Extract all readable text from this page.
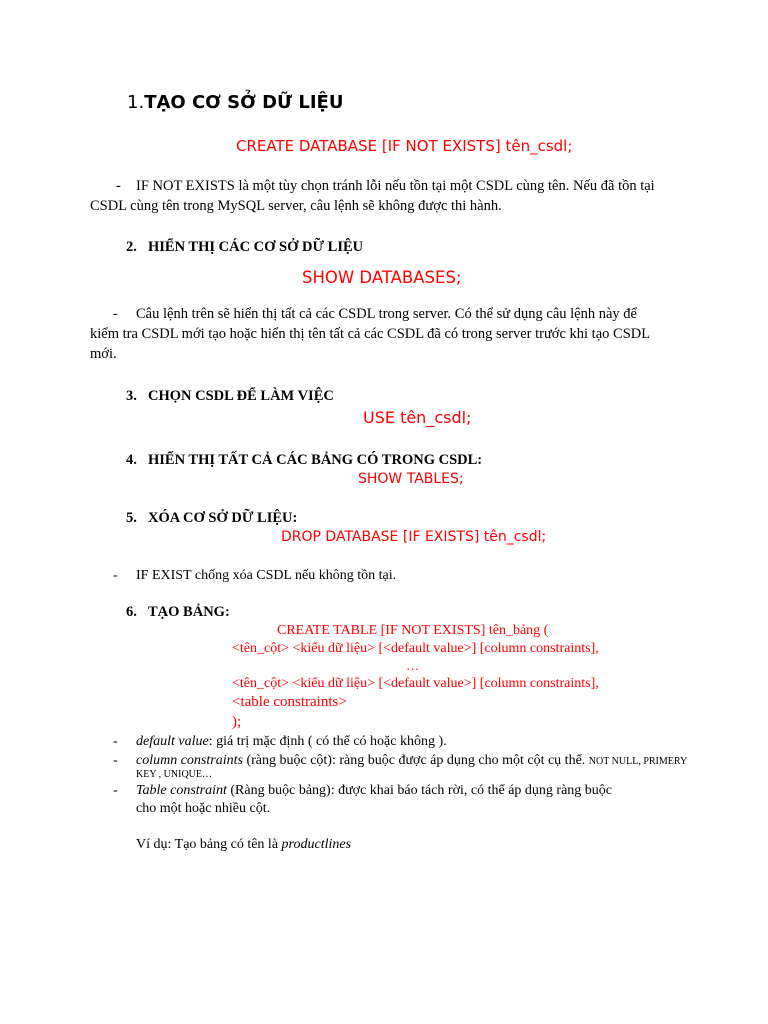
1.TẠO CƠ SỞ DỮ LIỆU
CREATE DATABASE [IF NOT EXISTS] tên_csdl;
- IF NOT EXISTS là một tùy chọn tránh lỗi nếu tồn tại một CSDL cùng tên. Nếu đã tồn tại
CSDL cùng tên trong MySQL server, câu lệnh sẽ không được thi hành.
2. HIỂN THỊ CÁC CƠ SỞ DỮ LIỆU
SHOW DATABASES;
- Câu lệnh trên sẽ hiển thị tất cả các CSDL trong server. Có thể sử dụng câu lệnh này để
kiểm tra CSDL mới tạo hoặc hiển thị tên tất cả các CSDL đã có trong server trước khi tạo CSDL
mới.
3. CHỌN CSDL ĐỂ LÀM VIỆC
USE tên_csdl;
4. HIỂN THỊ TẤT CẢ CÁC BẢNG CÓ TRONG CSDL:
SHOW TABLES;
5. XÓA CƠ SỞ DỮ LIỆU:
DROP DATABASE [IF EXISTS] tên_csdl;
- IF EXIST chống xóa CSDL nếu không tồn tại.
6. TẠO BẢNG:
CREATE TABLE [IF NOT EXISTS] tên_bảng (
<tên_cột> <kiểu dữ liệu> [<default value>] [column constraints],
…
<tên_cột> <kiểu dữ liệu> [<default value>] [column constraints],
<table constraints>
);
- default value: giá trị mặc định ( có thể có hoặc không ).
- column constraints (ràng buộc cột): ràng buộc được áp dụng cho một cột cụ thể. NOT NULL, PRIMERY
KEY , UNIQUE…
- Table constraint (Ràng buộc bảng): được khai báo tách rời, có thể áp dụng ràng buộc
cho một hoặc nhiều cột.
Ví dụ: Tạo bảng có tên là productlines
